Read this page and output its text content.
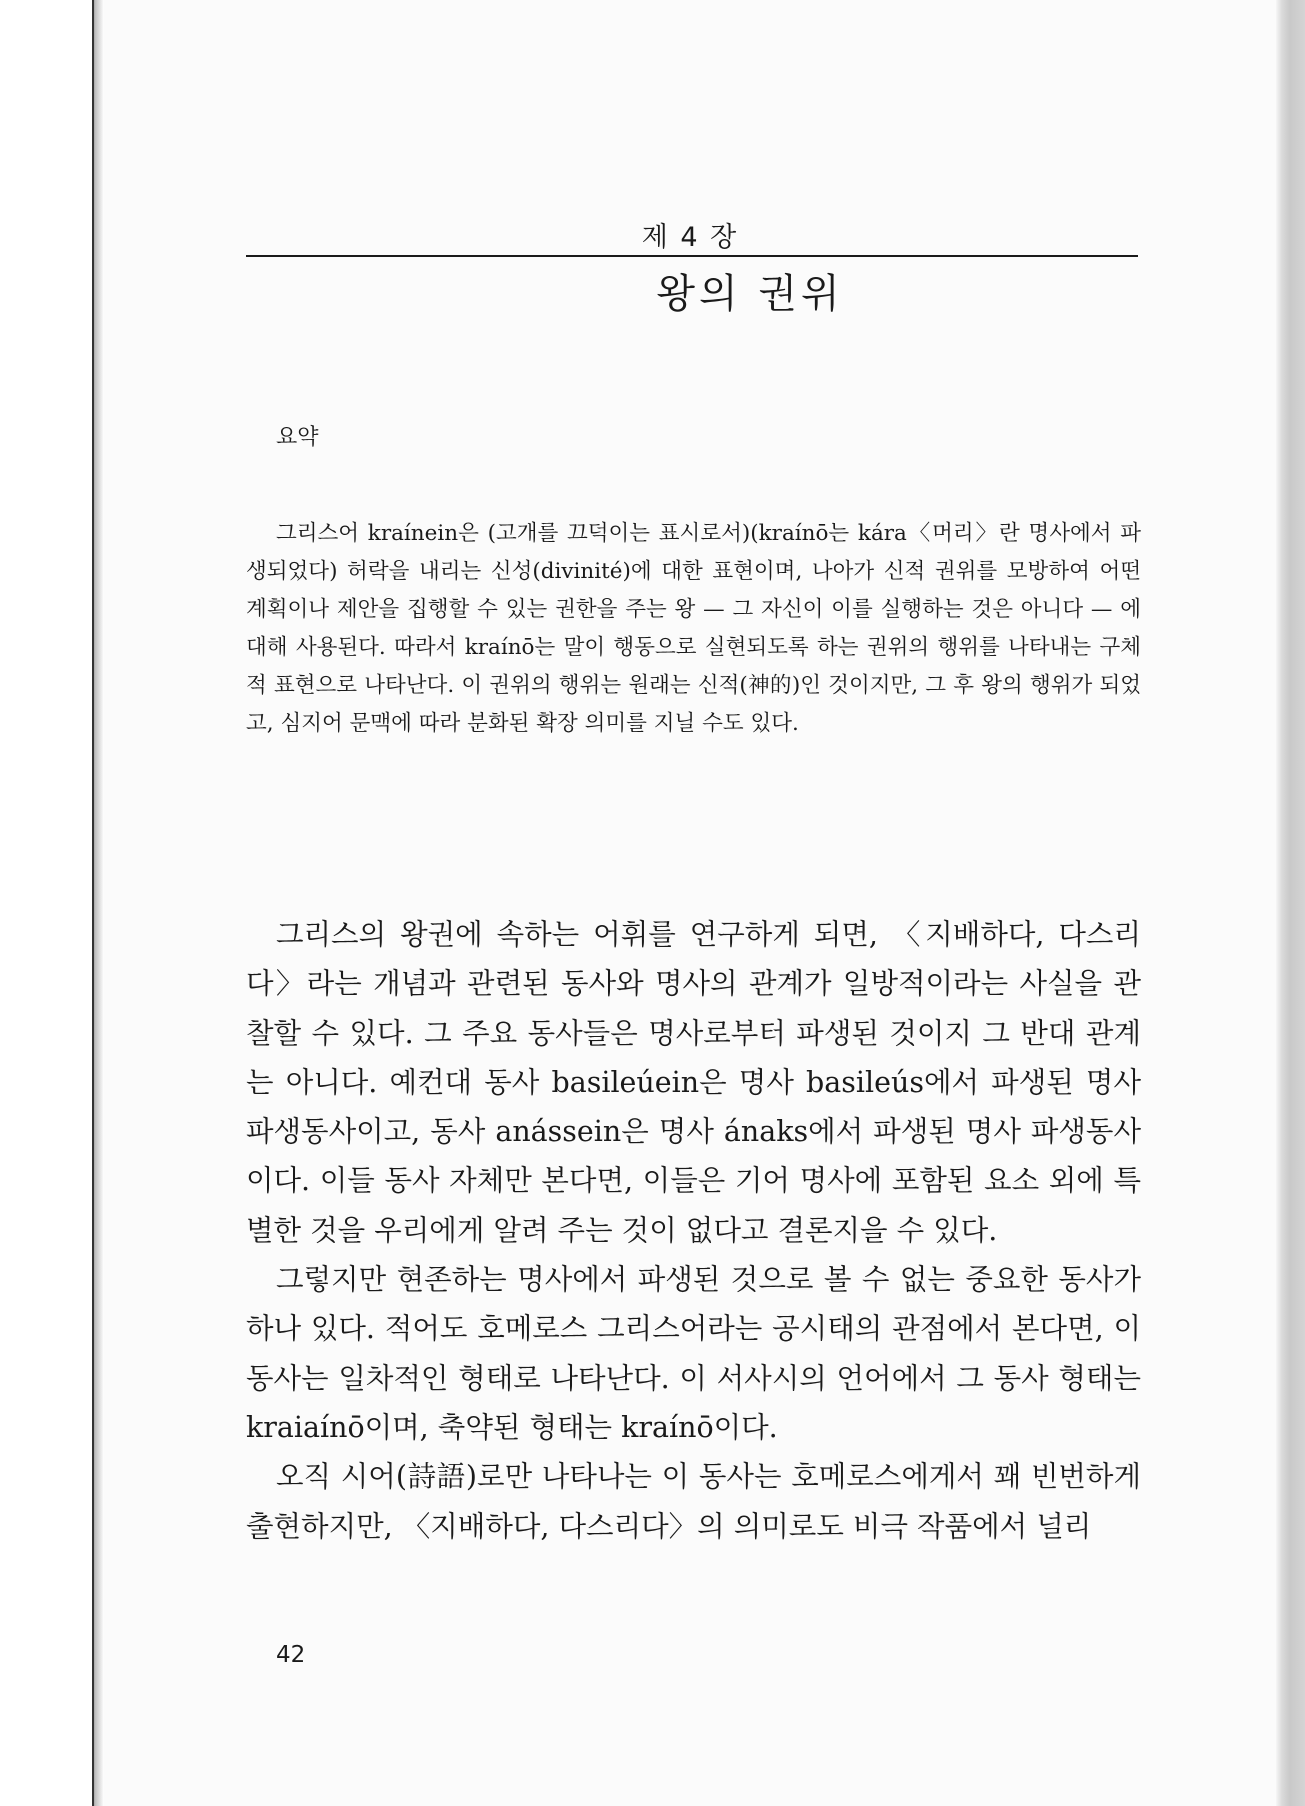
제 4 장
왕의 권위
요약

그리스어 kraínein은 (고개를 끄덕이는 표시로서)(kraínō는 kára〈머리〉란 명사에서 파생되었다) 허락을 내리는 신성(divinité)에 대한 표현이며, 나아가 신적 권위를 모방하여 어떤 계획이나 제안을 집행할 수 있는 권한을 주는 왕 — 그 자신이 이를 실행하는 것은 아니다 — 에 대해 사용된다. 따라서 kraínō는 말이 행동으로 실현되도록 하는 권위의 행위를 나타내는 구체적 표현으로 나타난다. 이 권위의 행위는 원래는 신적(神的)인 것이지만, 그 후 왕의 행위가 되었고, 심지어 문맥에 따라 분화된 확장 의미를 지닐 수도 있다.

그리스의 왕권에 속하는 어휘를 연구하게 되면, 〈지배하다, 다스리다〉라는 개념과 관련된 동사와 명사의 관계가 일방적이라는 사실을 관찰할 수 있다. 그 주요 동사들은 명사로부터 파생된 것이지 그 반대 관계는 아니다. 예컨대 동사 basileúein은 명사 basileús에서 파생된 명사파생동사이고, 동사 anássein은 명사 ánaks에서 파생된 명사 파생동사이다. 이들 동사 자체만 본다면, 이들은 기어 명사에 포함된 요소 외에 특별한 것을 우리에게 알려 주는 것이 없다고 결론지을 수 있다.

그렇지만 현존하는 명사에서 파생된 것으로 볼 수 없는 중요한 동사가 하나 있다. 적어도 호메로스 그리스어라는 공시태의 관점에서 본다면, 이 동사는 일차적인 형태로 나타난다. 이 서사시의 언어에서 그 동사 형태는 kraiaínō이며, 축약된 형태는 kraínō이다.

오직 시어(詩語)로만 나타나는 이 동사는 호메로스에게서 꽤 빈번하게 출현하지만, 〈지배하다, 다스리다〉의 의미로도 비극 작품에서 널리

42
